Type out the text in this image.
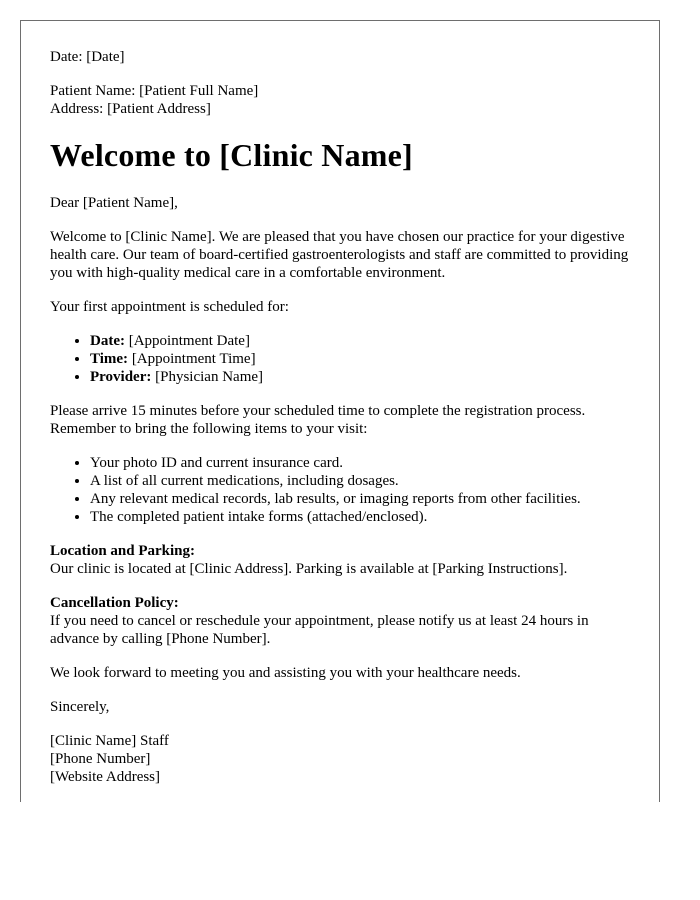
Date: [Date]

Patient Name: [Patient Full Name]

Address: [Patient Address]

Welcome to [Clinic Name]

Dear [Patient Name],

Welcome to [Clinic Name]. We are pleased that you have chosen our practice for your digestive health care. Our team of board-certified gastroenterologists and staff are committed to providing you with high-quality medical care in a comfortable environment.

Your first appointment is scheduled for:

• Date: [Appointment Date]
• Time: [Appointment Time]
• Provider: [Physician Name]

Please arrive 15 minutes before your scheduled time to complete the registration process. Remember to bring the following items to your visit:

• Your photo ID and current insurance card.
• A list of all current medications, including dosages.
• Any relevant medical records, lab results, or imaging reports from other facilities.
• The completed patient intake forms (attached/enclosed).

Location and Parking:

Our clinic is located at [Clinic Address]. Parking is available at [Parking Instructions].

Cancellation Policy:

If you need to cancel or reschedule your appointment, please notify us at least 24 hours in advance by calling [Phone Number].

We look forward to meeting you and assisting you with your healthcare needs.

Sincerely,

[Clinic Name] Staff

[Phone Number]

[Website Address]
